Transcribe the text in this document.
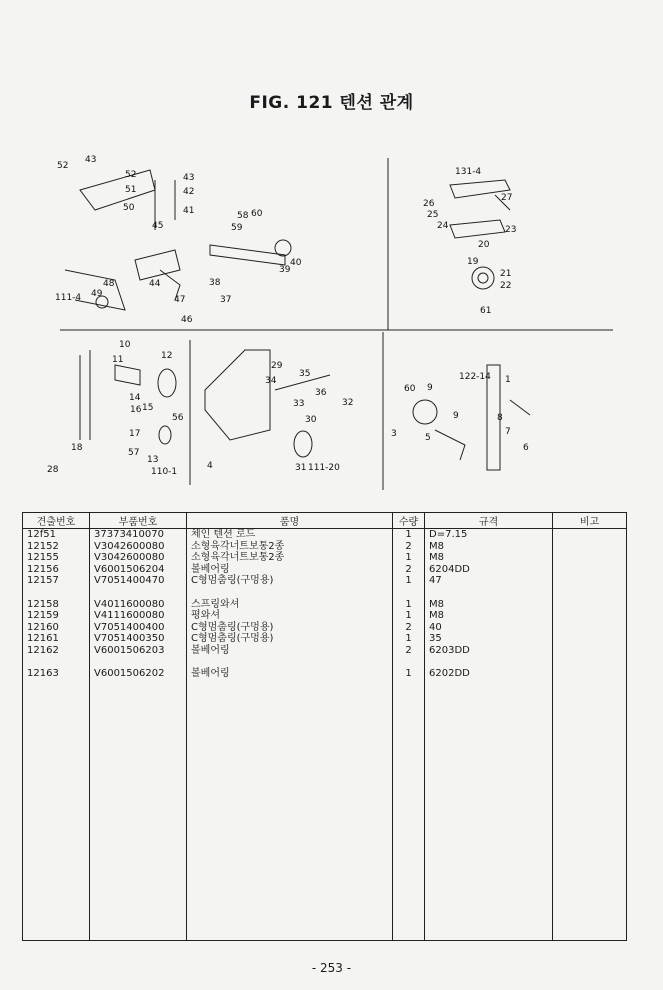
FIG. 121 텐션 관계
52
43
52
51
50
43
42
41
45
58 60
59
40
39
38
37
111-4 49
48	44
47
46
131-4
26
27
25
24	23
20
19
21
22
61
10
12
11
14
16 15
56
17
18	57
13
110-1
28
29
34
35
36
32
33
30
31 111-20
4
60 9
122-14 1
9	8
7
6
3	5
견출번호	부품번호	품명	수량	규격	비고
12f51	37373410070	체인 텐션 로드	1	D=7.15	
12152	V3042600080	소형육각너트보통2종	2	M8	
12155	V3042600080	소형육각너트보통2종	1	M8	
12156	V6001506204	볼베어링	2	6204DD	
12157	V7051400470	C형멈춤링(구멍용)	1	47	

12158	V4011600080	스프링와셔	1	M8	
12159	V4111600080	평와셔	1	M8	
12160	V7051400400	C형멈춤링(구멍용)	2	40	
12161	V7051400350	C형멈춤링(구멍용)	1	35	
12162	V6001506203	볼베어링	2	6203DD	

12163	V6001506202	볼베어링	1	6202DD	

- 253 -
